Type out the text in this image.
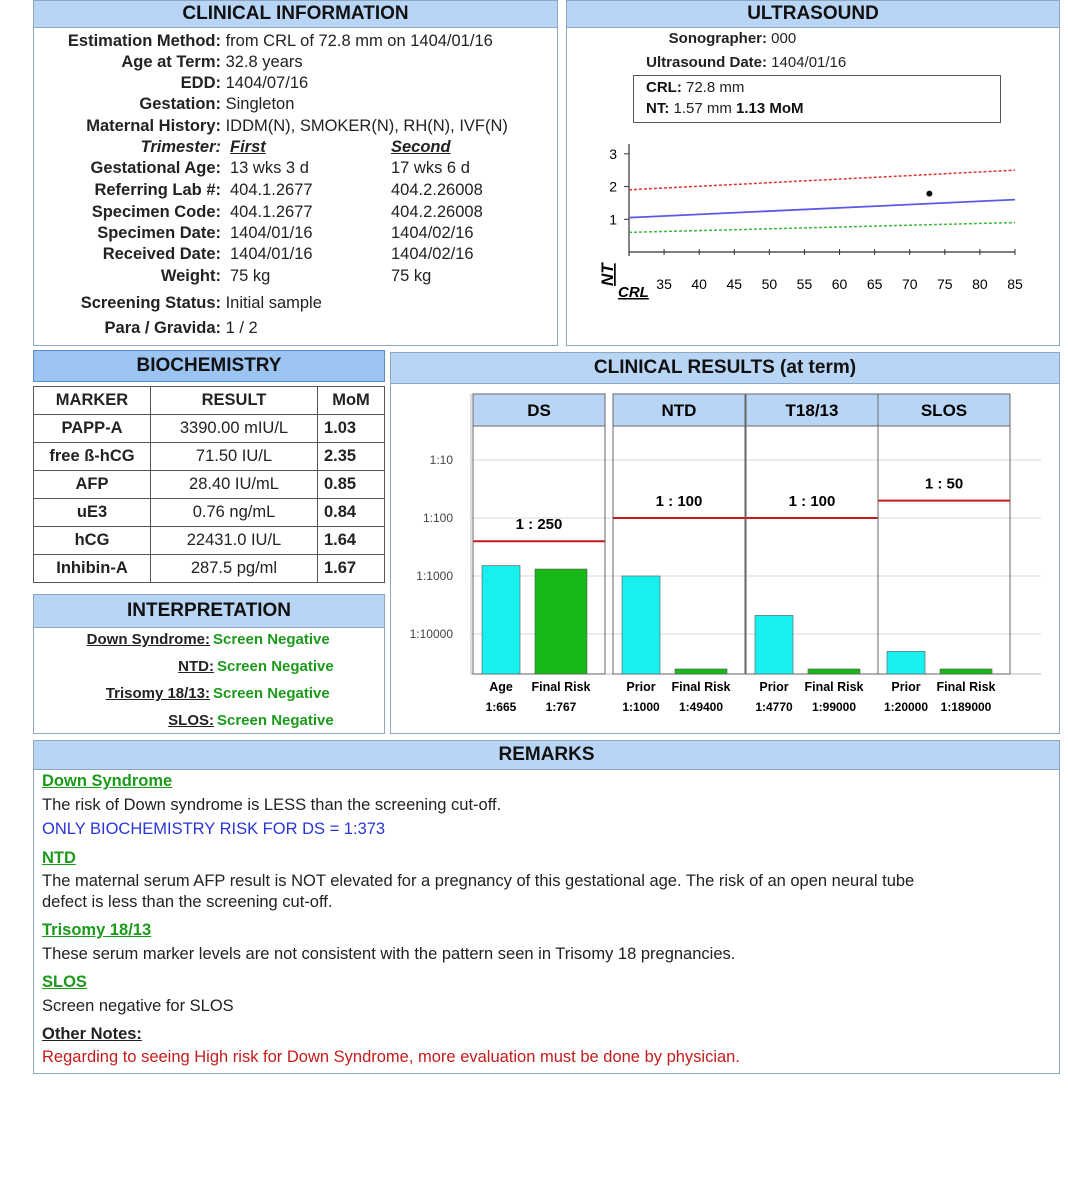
CLINICAL INFORMATION
Estimation Method: from CRL of 72.8 mm on 1404/01/16
Age at Term: 32.8 years
EDD: 1404/07/16
Gestation: Singleton
Maternal History: IDDM(N), SMOKER(N), RH(N), IVF(N)
Trimester: First	Second
Gestational Age: 13 wks 3 d	17 wks 6 d
Referring Lab #: 404.1.2677	404.2.26008
Specimen Code: 404.1.2677	404.2.26008
Specimen Date: 1404/01/16	1404/02/16
Received Date: 1404/01/16	1404/02/16
Weight: 75 kg	75 kg
Screening Status: Initial sample
Para / Gravida: 1 / 2
ULTRASOUND
Sonographer: 000
Ultrasound Date: 1404/01/16
CRL: 72.8 mm
NT: 1.57 mm 1.13 MoM
3
2
1
35 40 45 50 55 60 65 70 75 80 85
NT
CRL
BIOCHEMISTRY
MARKER	RESULT	MoM
PAPP-A	3390.00 mIU/L	1.03
free ß-hCG	71.50 IU/L	2.35
AFP	28.40 IU/mL	0.85
uE3	0.76 ng/mL	0.84
hCG	22431.0 IU/L	1.64
Inhibin-A	287.5 pg/ml	1.67
INTERPRETATION
Down Syndrome: Screen Negative
NTD: Screen Negative
Trisomy 18/13: Screen Negative
SLOS: Screen Negative
CLINICAL RESULTS (at term)
1:10
1:100
1:1000
1:10000
DS
1 : 250
Age
1:665
Final Risk
1:767
NTD
1 : 100
Prior
1:1000
Final Risk
1:49400
T18/13
1 : 100
Prior
1:4770
Final Risk
1:99000
SLOS
1 : 50
Prior
1:20000
Final Risk
1:189000
REMARKS
Down Syndrome
The risk of Down syndrome is LESS than the screening cut-off.
ONLY BIOCHEMISTRY RISK FOR DS = 1:373
NTD
The maternal serum AFP result is NOT elevated for a pregnancy of this gestational age. The risk of an open neural tube
defect is less than the screening cut-off.
Trisomy 18/13
These serum marker levels are not consistent with the pattern seen in Trisomy 18 pregnancies.
SLOS
Screen negative for SLOS
Other Notes:
Regarding to seeing High risk for Down Syndrome, more evaluation must be done by physician.
